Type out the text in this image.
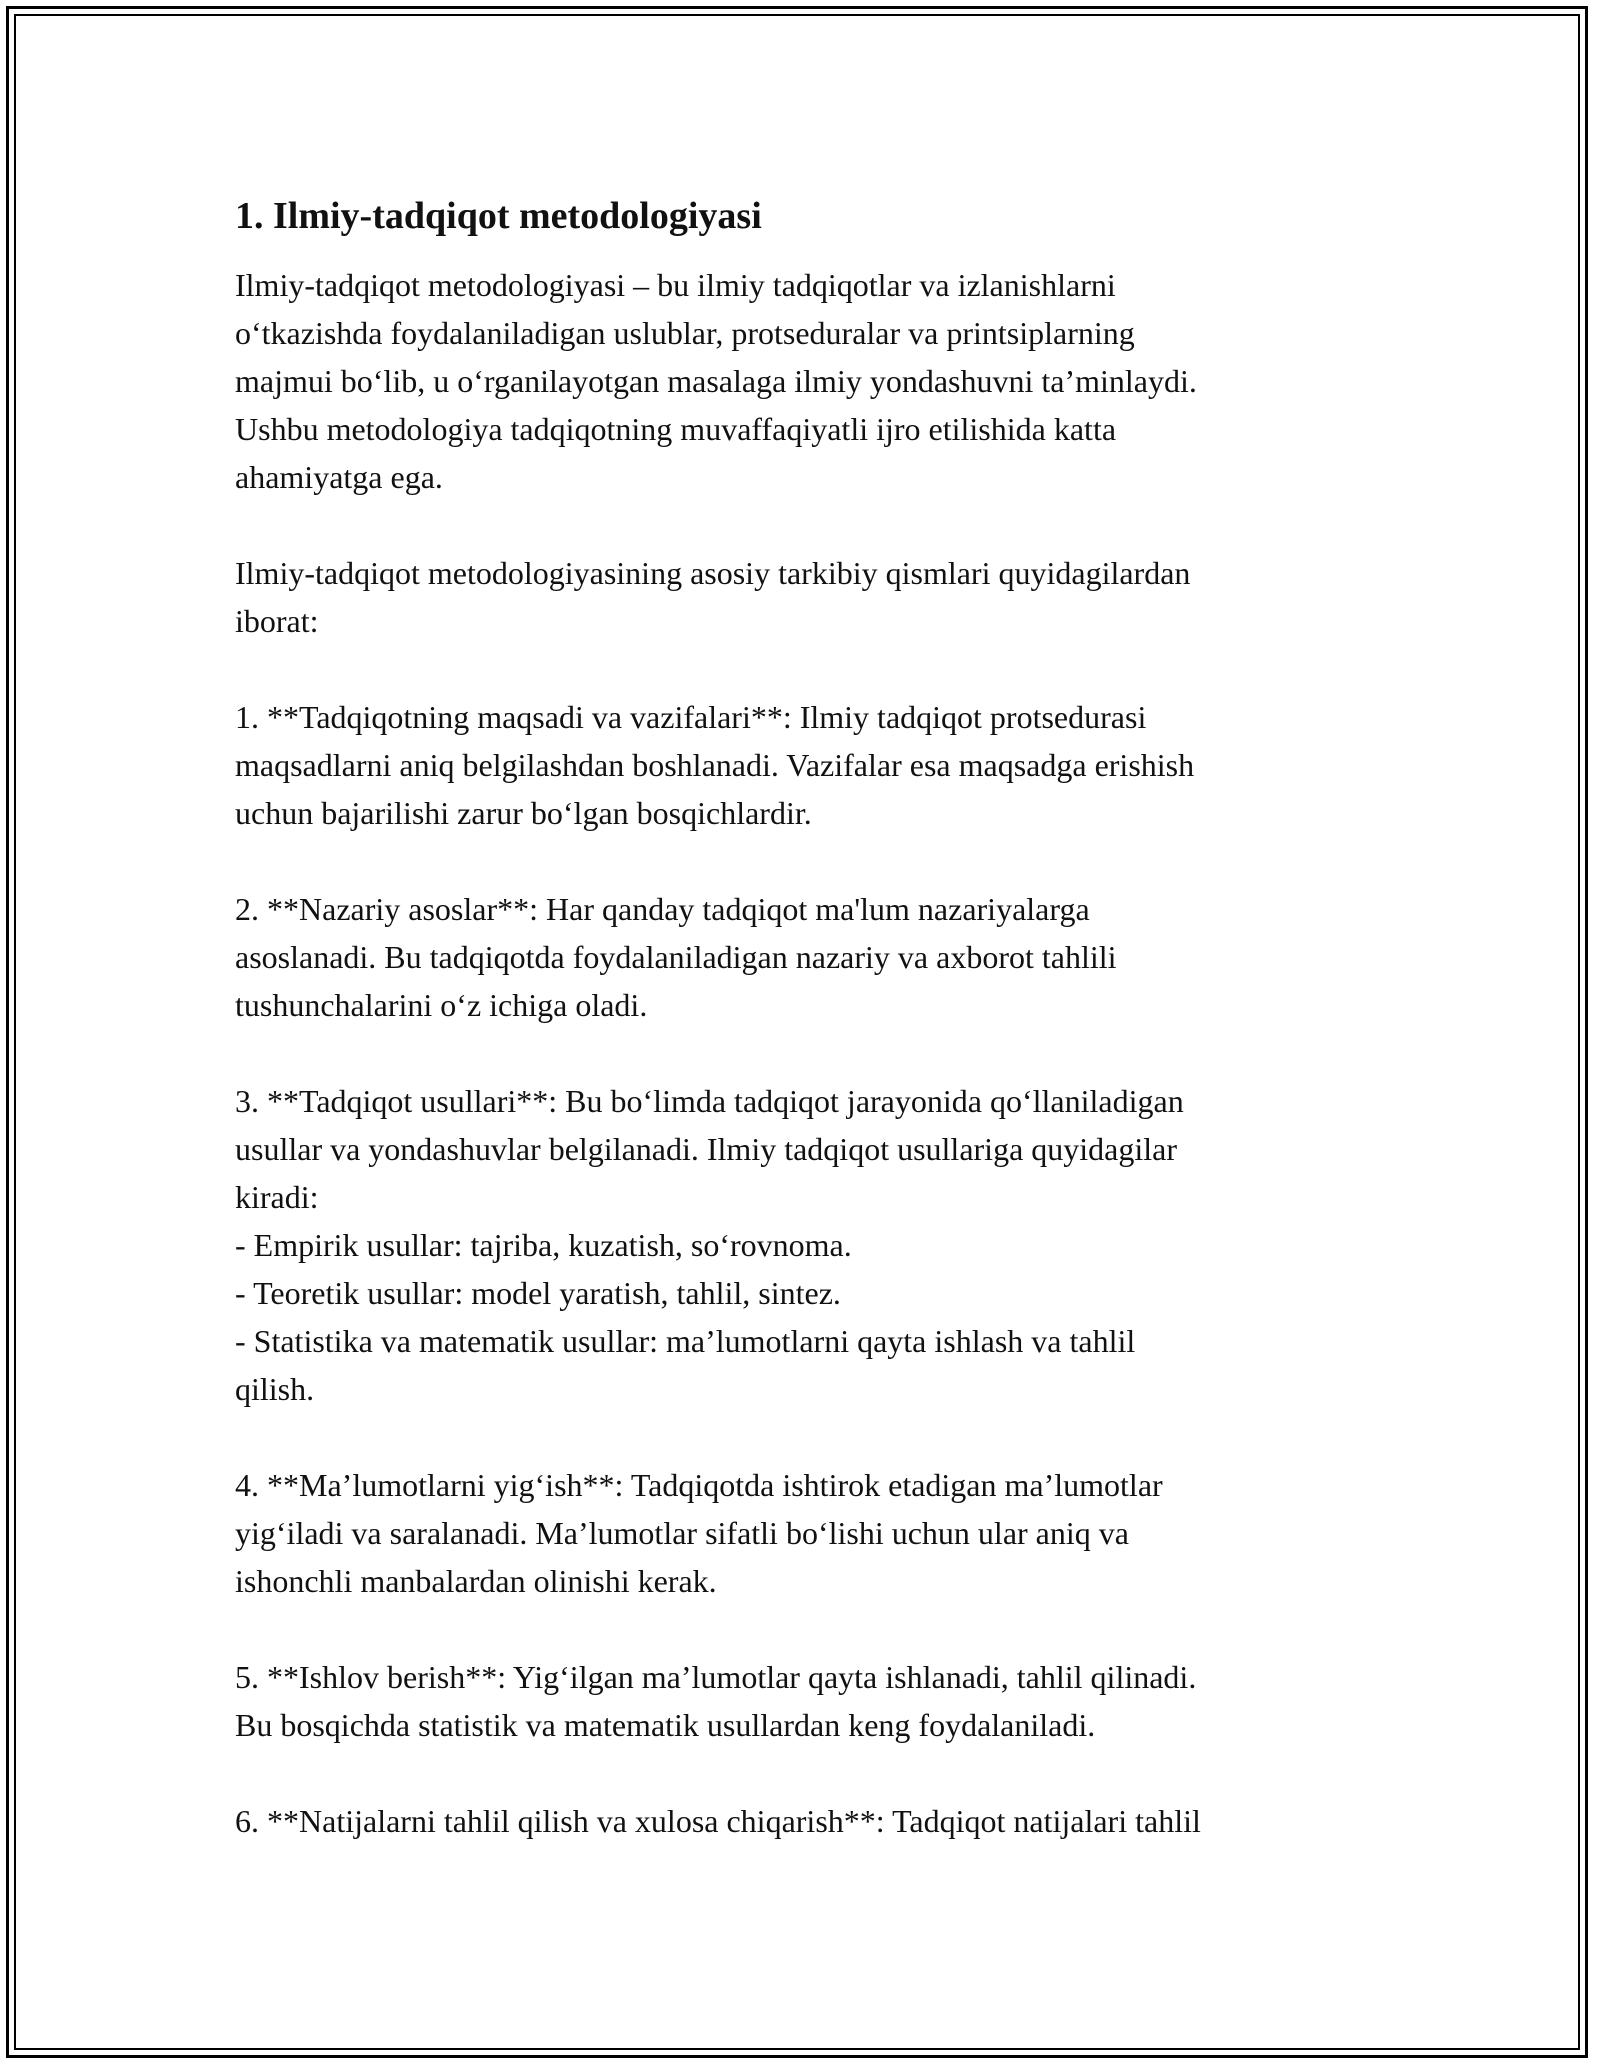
1. Ilmiy-tadqiqot metodologiyasi

Ilmiy-tadqiqot metodologiyasi – bu ilmiy tadqiqotlar va izlanishlarni
o‘tkazishda foydalaniladigan uslublar, protseduralar va printsiplarning
majmui bo‘lib, u o‘rganilayotgan masalaga ilmiy yondashuvni ta’minlaydi.
Ushbu metodologiya tadqiqotning muvaffaqiyatli ijro etilishida katta
ahamiyatga ega.

Ilmiy-tadqiqot metodologiyasining asosiy tarkibiy qismlari quyidagilardan
iborat:

1. **Tadqiqotning maqsadi va vazifalari**: Ilmiy tadqiqot protsedurasi
maqsadlarni aniq belgilashdan boshlanadi. Vazifalar esa maqsadga erishish
uchun bajarilishi zarur bo‘lgan bosqichlardir.

2. **Nazariy asoslar**: Har qanday tadqiqot ma'lum nazariyalarga
asoslanadi. Bu tadqiqotda foydalaniladigan nazariy va axborot tahlili
tushunchalarini o‘z ichiga oladi.

3. **Tadqiqot usullari**: Bu bo‘limda tadqiqot jarayonida qo‘llaniladigan
usullar va yondashuvlar belgilanadi. Ilmiy tadqiqot usullariga quyidagilar
kiradi:
- Empirik usullar: tajriba, kuzatish, so‘rovnoma.
- Teoretik usullar: model yaratish, tahlil, sintez.
- Statistika va matematik usullar: ma’lumotlarni qayta ishlash va tahlil
qilish.

4. **Ma’lumotlarni yig‘ish**: Tadqiqotda ishtirok etadigan ma’lumotlar
yig‘iladi va saralanadi. Ma’lumotlar sifatli bo‘lishi uchun ular aniq va
ishonchli manbalardan olinishi kerak.

5. **Ishlov berish**: Yig‘ilgan ma’lumotlar qayta ishlanadi, tahlil qilinadi.
Bu bosqichda statistik va matematik usullardan keng foydalaniladi.

6. **Natijalarni tahlil qilish va xulosa chiqarish**: Tadqiqot natijalari tahlil
